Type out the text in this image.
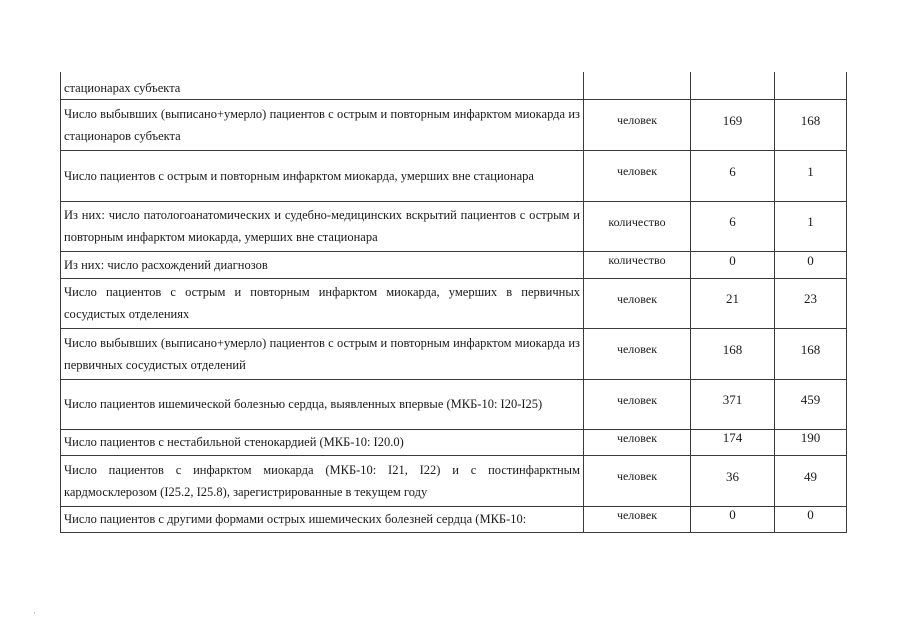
стационарах субъекта			
Число выбывших (выписано+умерло) пациентов с острым и повторным инфарктом миокарда из стационаров субъекта	человек	169	168
Число пациентов с острым и повторным инфарктом миокарда, умерших вне стационара	человек	6	1
Из них: число патологоанатомических и судебно-медицинских вскрытий пациентов с острым и повторным инфарктом миокарда, умерших вне стационара	количество	6	1
Из них: число расхождений диагнозов	количество	0	0
Число пациентов с острым и повторным инфарктом миокарда, умерших в первичных сосудистых отделениях	человек	21	23
Число выбывших (выписано+умерло) пациентов с острым и повторным инфарктом миокарда из первичных сосудистых отделений	человек	168	168
Число пациентов ишемической болезнью сердца, выявленных впервые (МКБ-10: I20-I25)	человек	371	459
Число пациентов с нестабильной стенокардией (МКБ-10: I20.0)	человек	174	190
Число пациентов с инфарктом миокарда (МКБ-10: I21, I22) и с постинфарктным кардмосклерозом (I25.2, I25.8), зарегистрированные в текущем году	человек	36	49
Число пациентов с другими формами острых ишемических болезней сердца (МКБ-10:	человек	0	0
·
